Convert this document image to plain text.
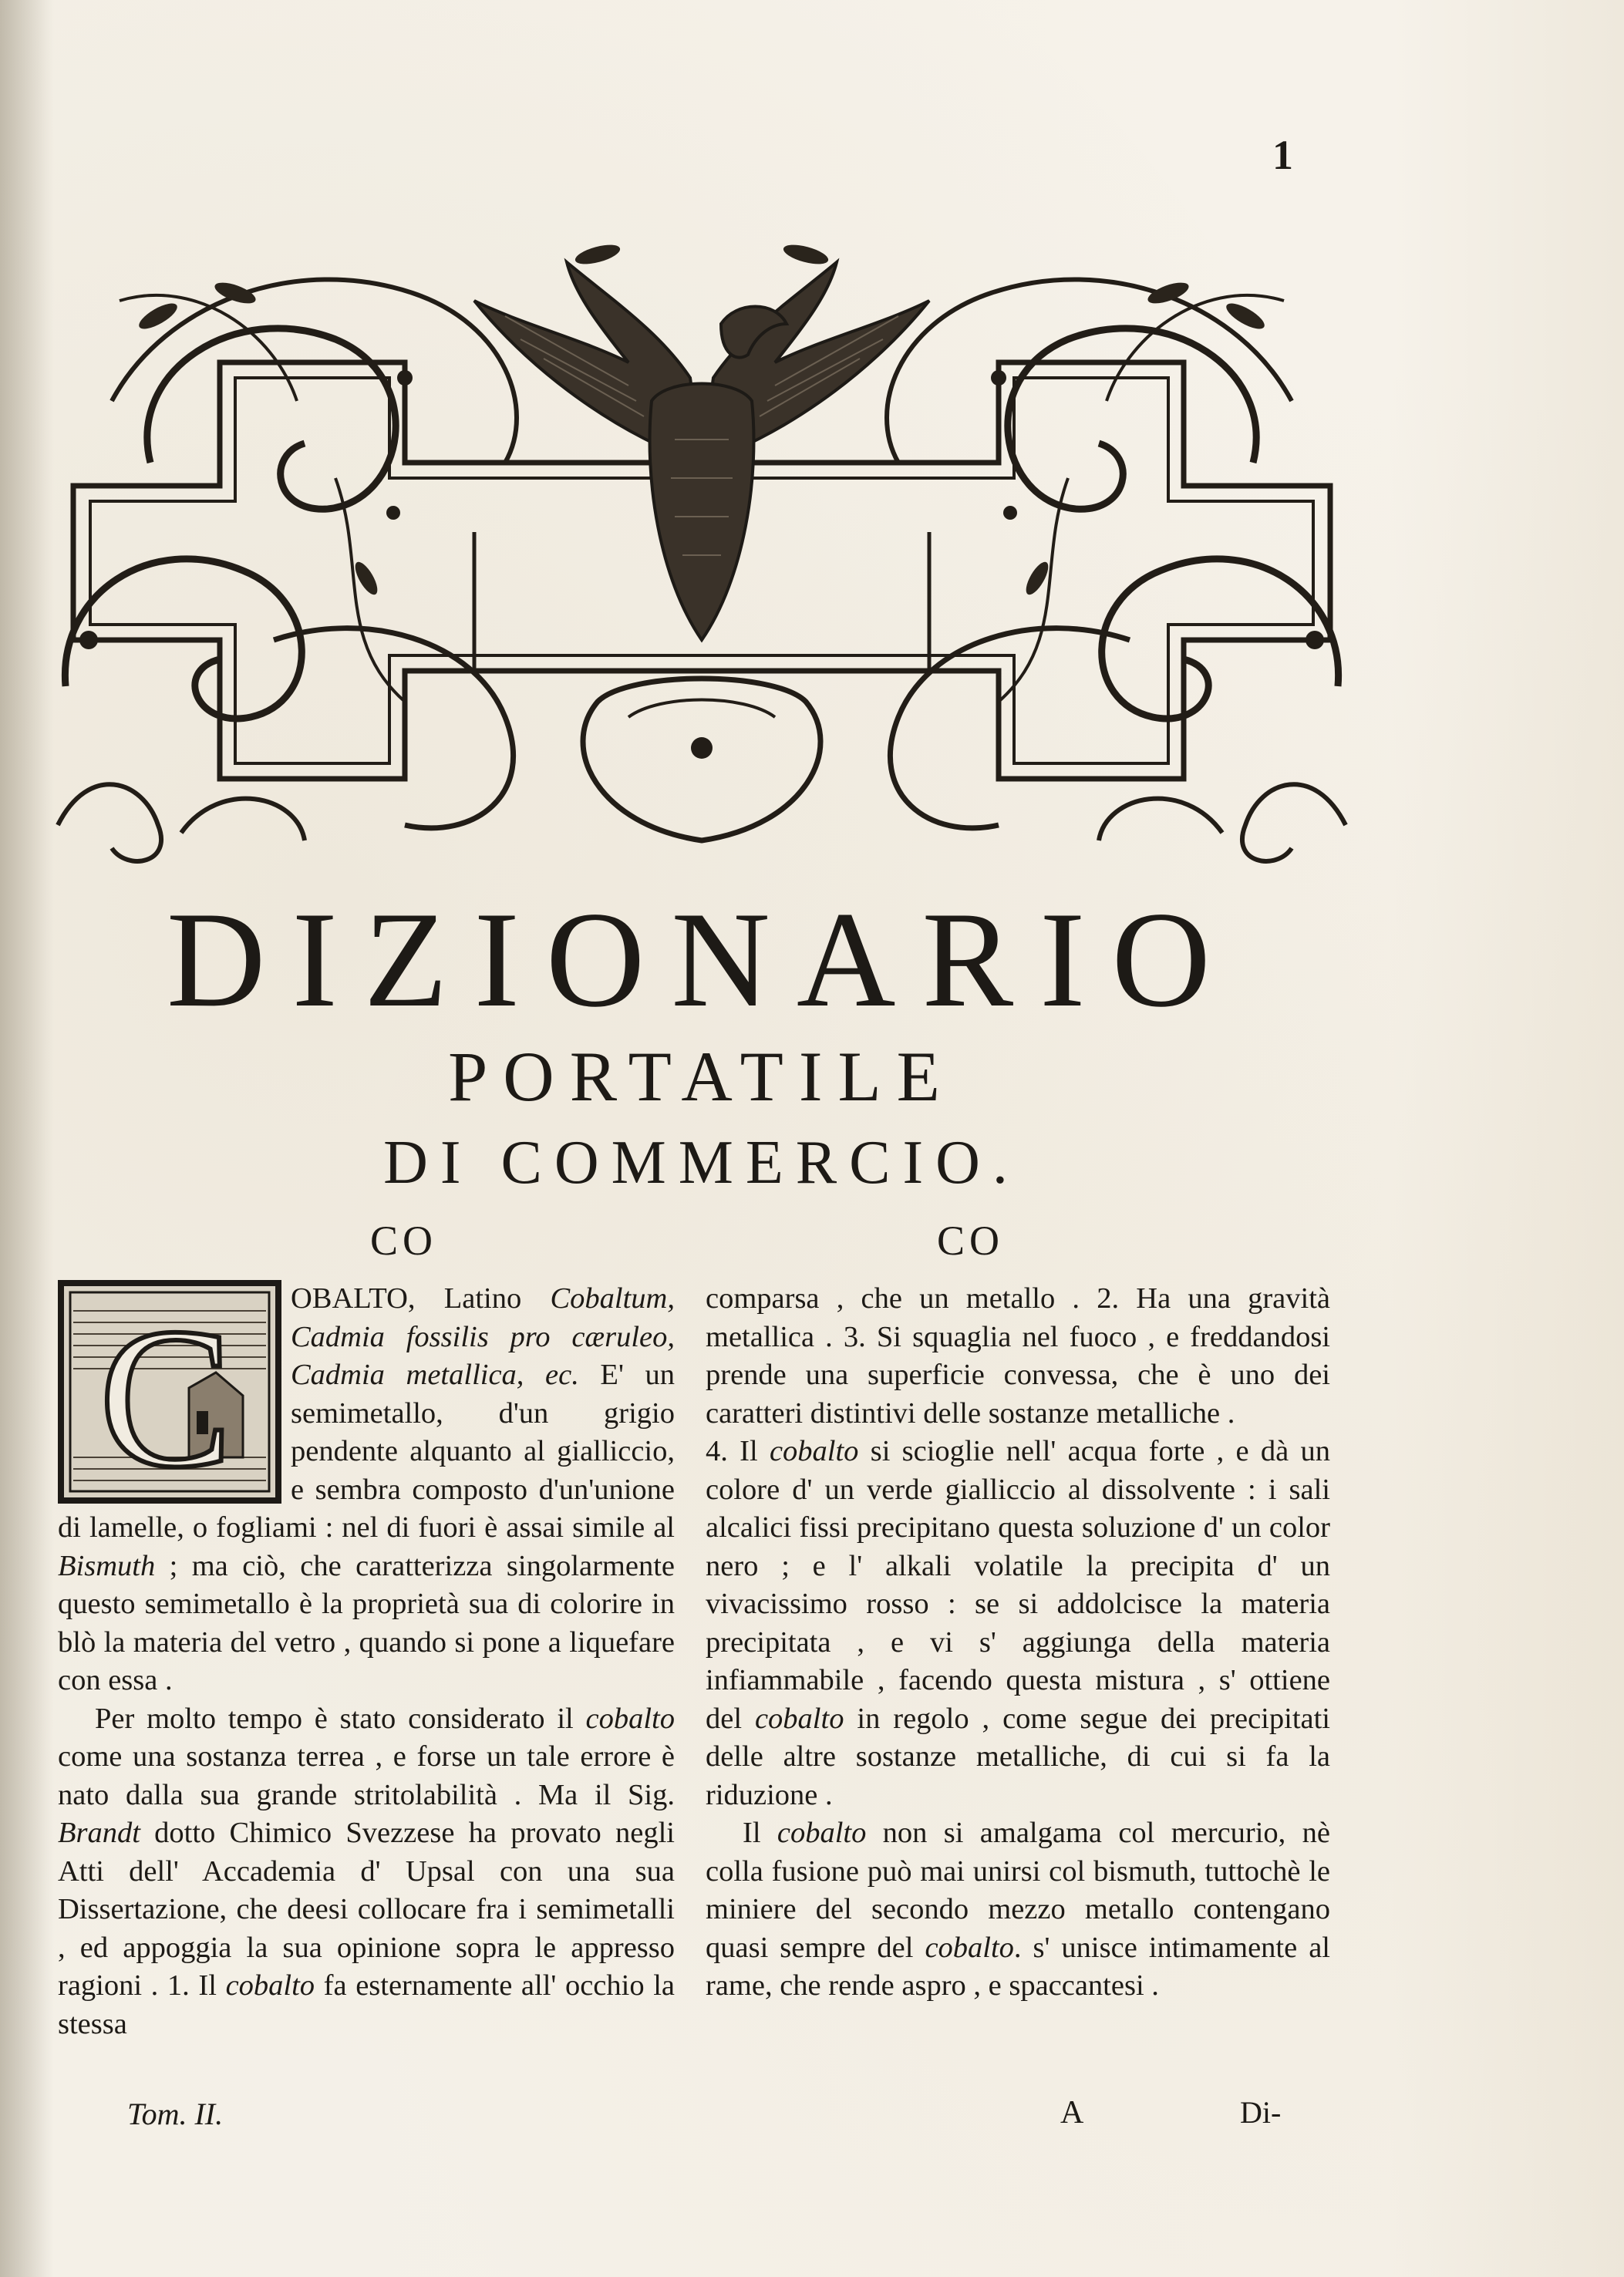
1
DIZIONARIO
PORTATILE
DI COMMERCIO.
CO	CO
C	OBALTO, Latino Cobaltum, Cadmia fossilis pro cæruleo, Cadmia metallica, ec. E' un semimetallo, d'un grigio pendente alquanto al gialliccio, e sembra composto d'un'unione di lamelle, o fogliami : nel di fuori è assai simile al Bismuth ; ma ciò, che caratterizza singolarmente questo semimetallo è la proprietà sua di colorire in blò la materia del vetro , quando si pone a liquefare con essa .

Per molto tempo è stato considerato il cobalto come una sostanza terrea , e forse un tale errore è nato dalla sua grande stritolabilità . Ma il Sig. Brandt dotto Chimico Svezzese ha provato negli Atti dell' Accademia d' Upsal con una sua Dissertazione, che deesi collocare fra i semimetalli , ed appoggia la sua opinione sopra le appresso ragioni . 1. Il cobalto fa esternamente all' occhio la stessa

comparsa , che un metallo . 2. Ha una gravità metallica . 3. Si squaglia nel fuoco , e freddandosi prende una superficie convessa, che è uno dei caratteri distintivi delle sostanze metalliche .

4. Il cobalto si scioglie nell' acqua forte , e dà un colore d' un verde gialliccio al dissolvente : i sali alcalici fissi precipitano questa soluzione d' un color nero ; e l' alkali volatile la precipita d' un vivacissimo rosso : se si addolcisce la materia precipitata , e vi s' aggiunga della materia infiammabile , facendo questa mistura , s' ottiene del cobalto in regolo , come segue dei precipitati delle altre sostanze metalliche, di cui si fa la riduzione .

Il cobalto non si amalgama col mercurio, nè colla fusione può mai unirsi col bismuth, tuttochè le miniere del secondo mezzo metallo contengano quasi sempre del cobalto. s' unisce intimamente al rame, che rende aspro , e spaccantesi .

Tom. II.	A	Di-
